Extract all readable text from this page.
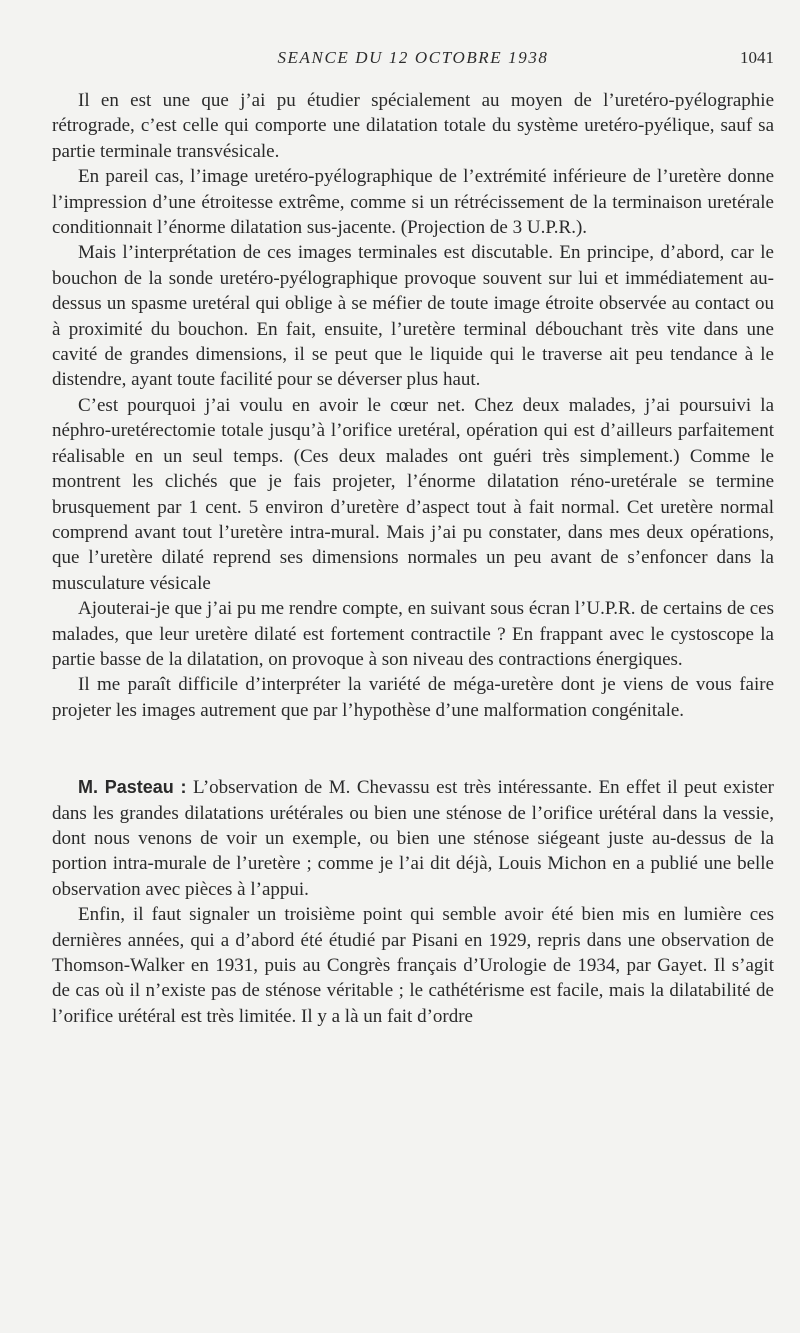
SEANCE DU 12 OCTOBRE 1938	1041

Il en est une que j’ai pu étudier spécialement au moyen de l’uretéro-pyélographie rétrograde, c’est celle qui comporte une dilatation totale du système uretéro-pyélique, sauf sa partie terminale transvésicale.

En pareil cas, l’image uretéro-pyélographique de l’extrémité inférieure de l’uretère donne l’impression d’une étroitesse extrême, comme si un rétrécissement de la terminaison uretérale conditionnait l’énorme dilatation sus-jacente. (Projection de 3 U.P.R.).

Mais l’interprétation de ces images terminales est discutable. En principe, d’abord, car le bouchon de la sonde uretéro-pyélographique provoque souvent sur lui et immédiatement au-dessus un spasme uretéral qui oblige à se méfier de toute image étroite observée au contact ou à proximité du bouchon. En fait, ensuite, l’uretère terminal débouchant très vite dans une cavité de grandes dimensions, il se peut que le liquide qui le traverse ait peu tendance à le distendre, ayant toute facilité pour se déverser plus haut.

C’est pourquoi j’ai voulu en avoir le cœur net. Chez deux malades, j’ai poursuivi la néphro-uretérectomie totale jusqu’à l’orifice uretéral, opération qui est d’ailleurs parfaitement réalisable en un seul temps. (Ces deux malades ont guéri très simplement.) Comme le montrent les clichés que je fais projeter, l’énorme dilatation réno-uretérale se termine brusquement par 1 cent. 5 environ d’uretère d’aspect tout à fait normal. Cet uretère normal comprend avant tout l’uretère intra-mural. Mais j’ai pu constater, dans mes deux opérations, que l’uretère dilaté reprend ses dimensions normales un peu avant de s’enfoncer dans la musculature vésicale

Ajouterai-je que j’ai pu me rendre compte, en suivant sous écran l’U.P.R. de certains de ces malades, que leur uretère dilaté est fortement contractile ? En frappant avec le cystoscope la partie basse de la dilatation, on provoque à son niveau des contractions énergiques.

Il me paraît difficile d’interpréter la variété de méga-uretère dont je viens de vous faire projeter les images autrement que par l’hypothèse d’une malformation congénitale.

M. Pasteau : L’observation de M. Chevassu est très intéressante. En effet il peut exister dans les grandes dilatations urétérales ou bien une sténose de l’orifice urétéral dans la vessie, dont nous venons de voir un exemple, ou bien une sténose siégeant juste au-dessus de la portion intra-murale de l’uretère ; comme je l’ai dit déjà, Louis Michon en a publié une belle observation avec pièces à l’appui.

Enfin, il faut signaler un troisième point qui semble avoir été bien mis en lumière ces dernières années, qui a d’abord été étudié par Pisani en 1929, repris dans une observation de Thomson-Walker en 1931, puis au Congrès français d’Urologie de 1934, par Gayet. Il s’agit de cas où il n’existe pas de sténose véritable ; le cathétérisme est facile, mais la dilatabilité de l’orifice urétéral est très limitée. Il y a là un fait d’ordre
